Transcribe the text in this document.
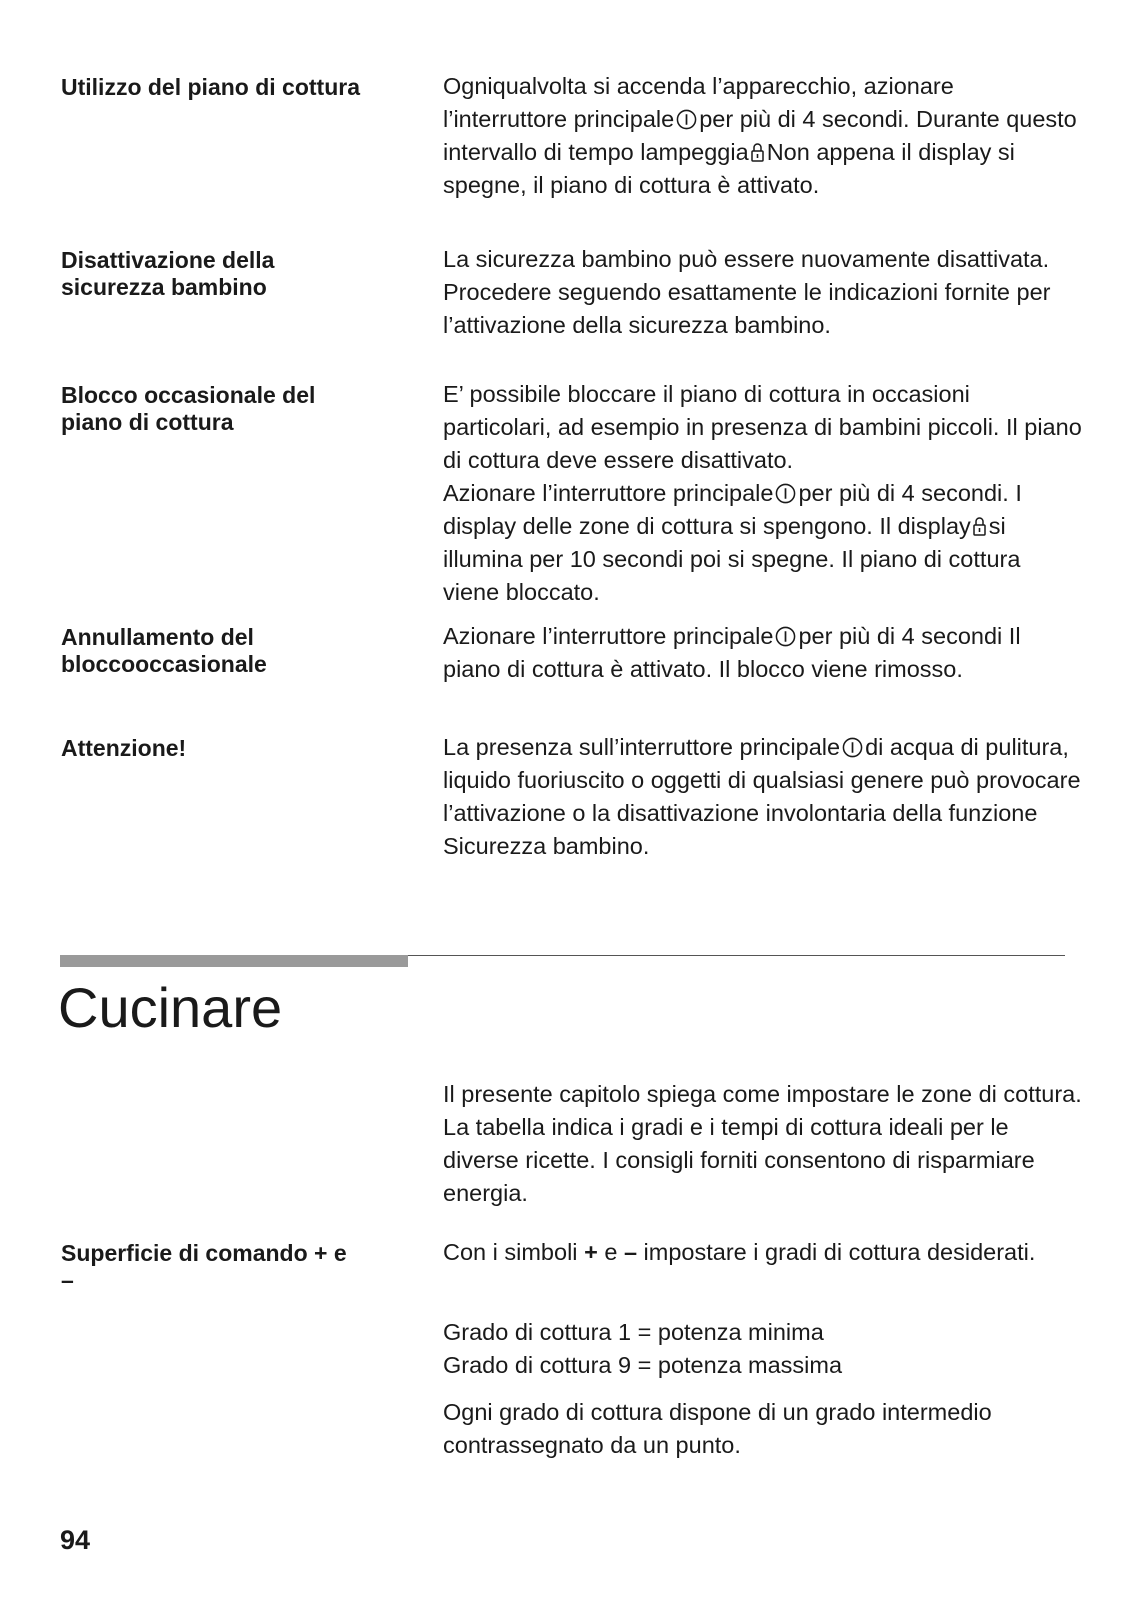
Utilizzo del piano di cottura	Ogniqualvolta si accenda l’apparecchio, azionare l’interruttore principale per più di 4 secondi. Durante questo intervallo di tempo lampeggia Non appena il display si spegne, il piano di cottura è attivato.

Disattivazione della sicurezza bambino

La sicurezza bambino può essere nuovamente disattivata. Procedere seguendo esattamente le indicazioni fornite per l’attivazione della sicurezza bambino.

Blocco occasionale del piano di cottura
E’ possibile bloccare il piano di cottura in occasioni particolari, ad esempio in presenza di bambini piccoli. Il piano di cottura deve essere disattivato.
Azionare l’interruttore principale per più di 4 secondi. I display delle zone di cottura si spengono. Il display si illumina per 10 secondi poi si spegne. Il piano di cottura viene bloccato.
Annullamento del bloccooccasionale

Azionare l’interruttore principale per più di 4 secondi Il piano di cottura è attivato. Il blocco viene rimosso.

Attenzione!	La presenza sull’interruttore principale di acqua di pulitura, liquido fuoriuscito o oggetti di qualsiasi genere può provocare l’attivazione o la disattivazione involontaria della funzione Sicurezza bambino.

Cucinare

Il presente capitolo spiega come impostare le zone di cottura. La tabella indica i gradi e i tempi di cottura ideali per le diverse ricette. I consigli forniti consentono di risparmiare energia.

Superficie di comando + e –

Con i simboli + e – impostare i gradi di cottura desiderati.

Grado di cottura 1 = potenza minima
Grado di cottura 9 = potenza massima

Ogni grado di cottura dispone di un grado intermedio contrassegnato da un punto.

94
